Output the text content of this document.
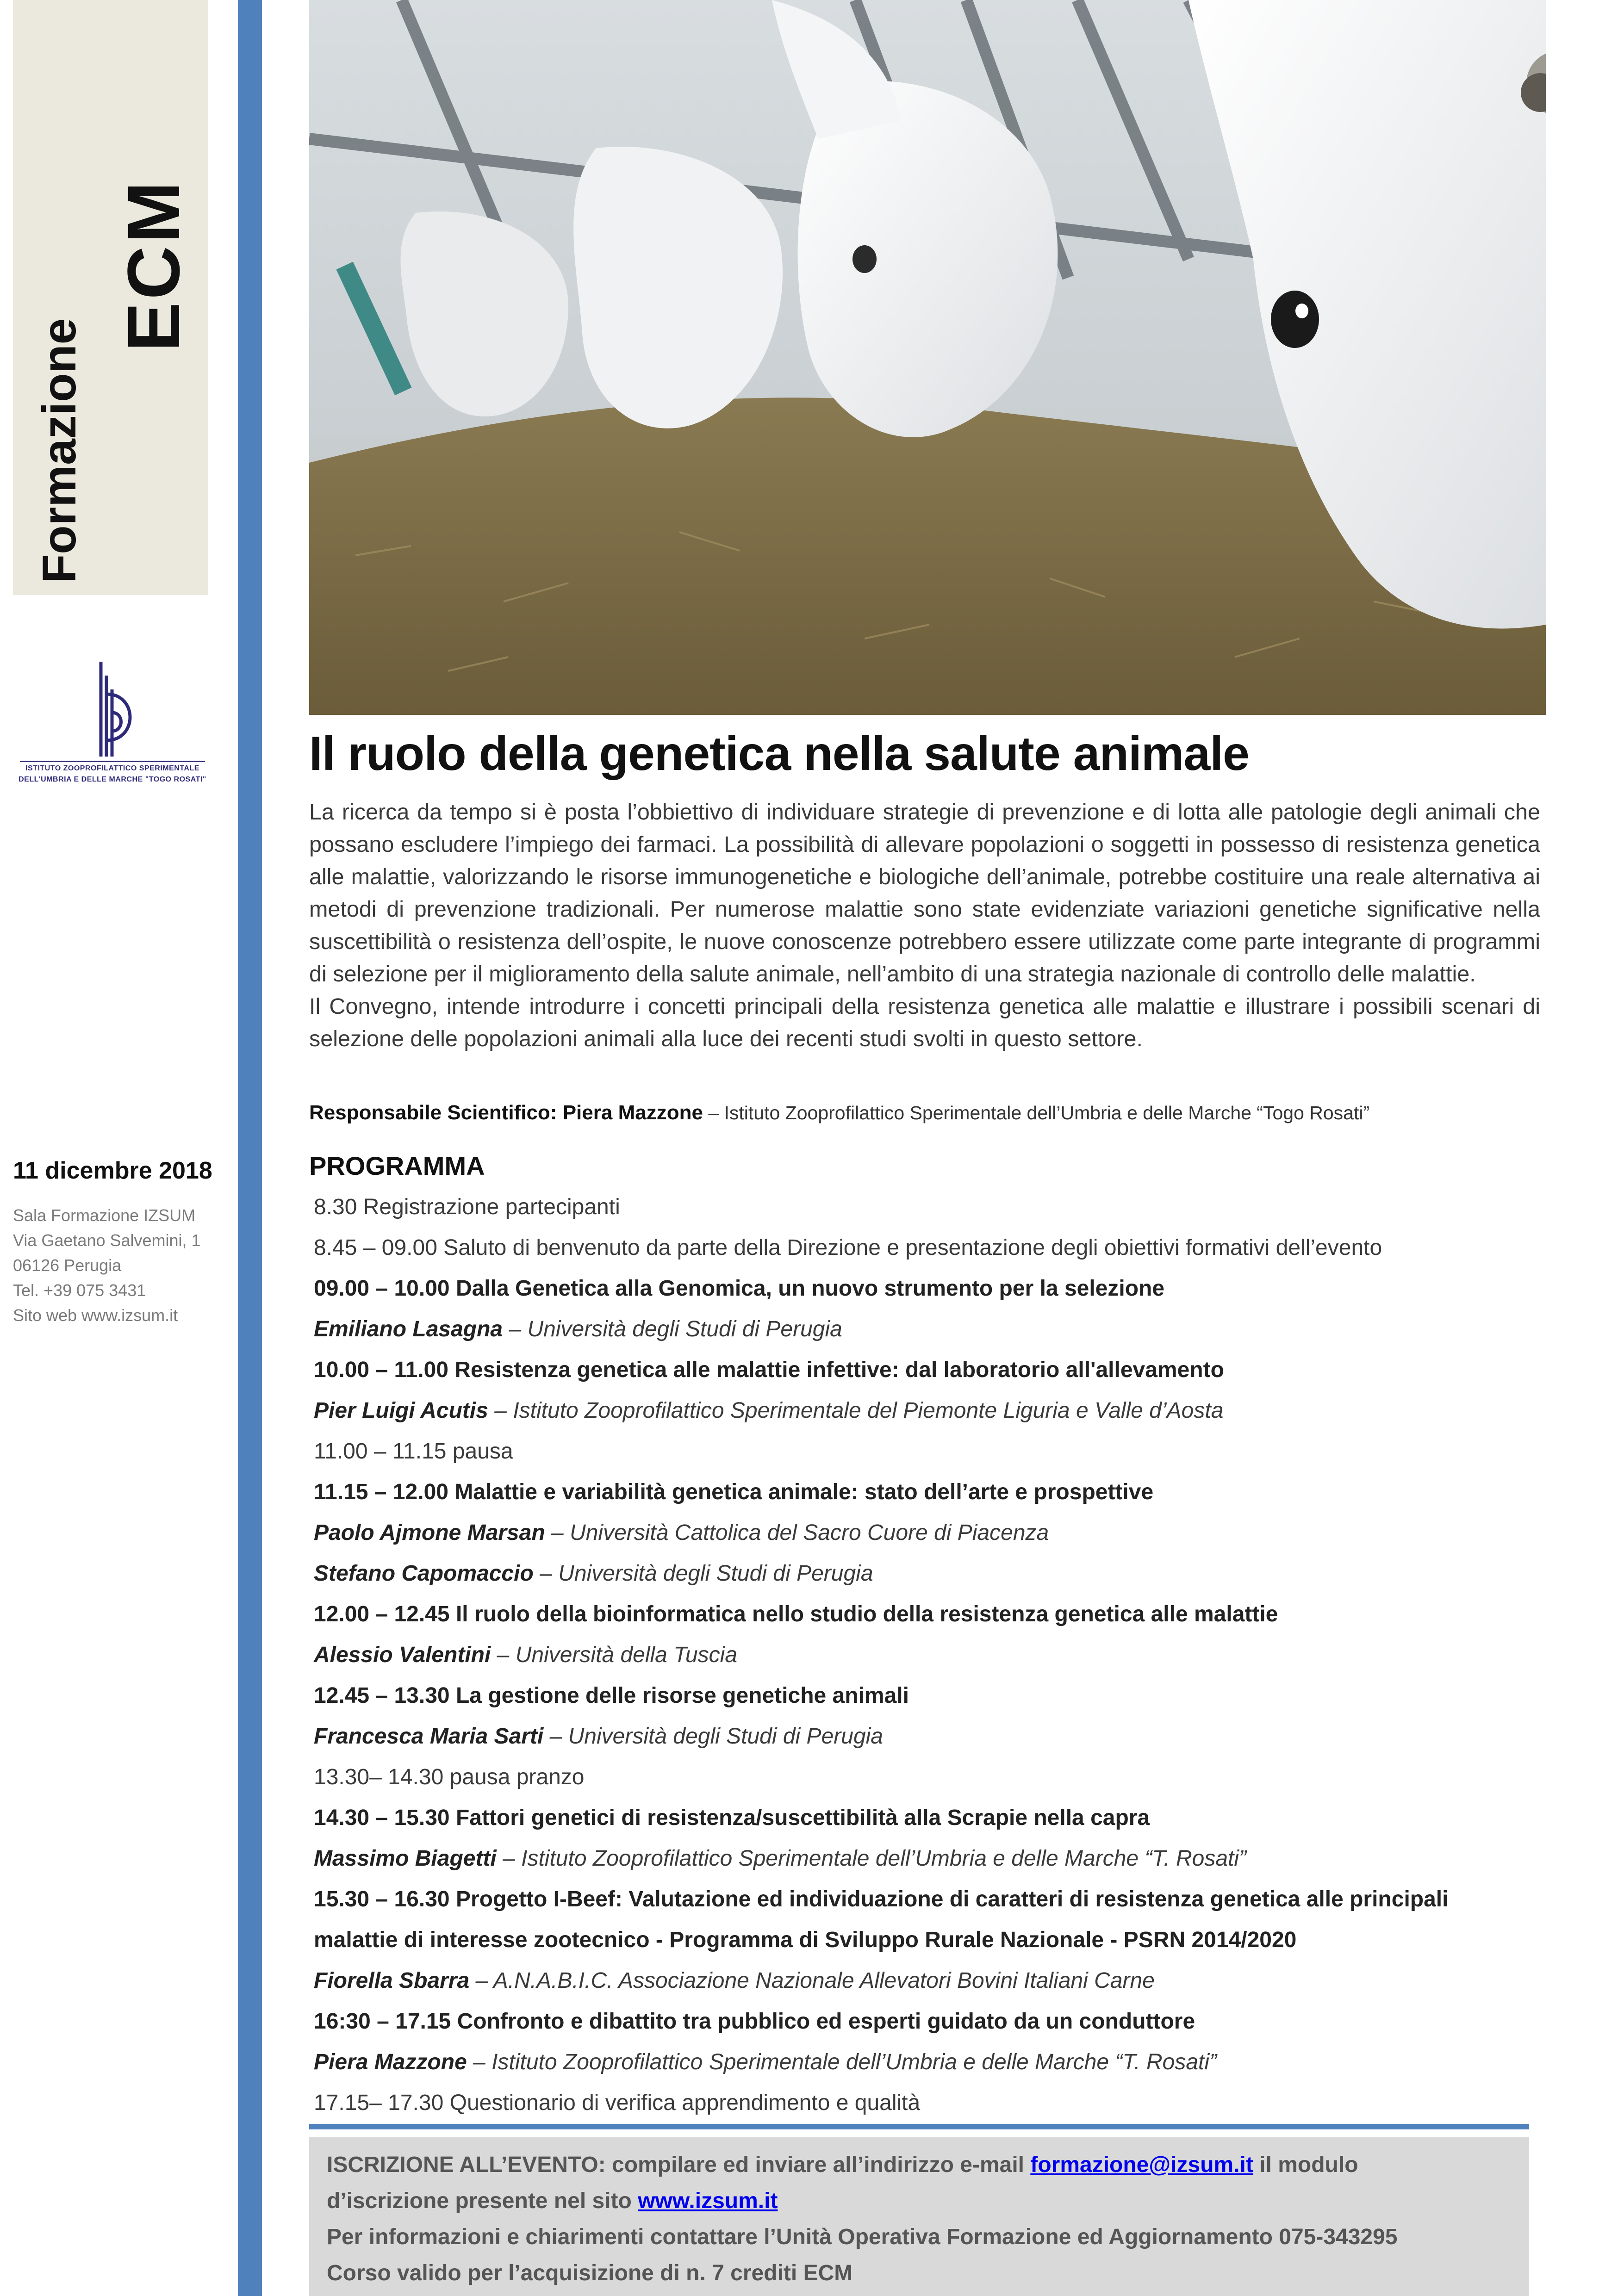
Formazione
ECM
ISTITUTO ZOOPROFILATTICO SPERIMENTALE
DELL'UMBRIA E DELLE MARCHE "TOGO ROSATI"
11 dicembre 2018
Sala Formazione IZSUM
Via Gaetano Salvemini, 1
06126 Perugia
Tel. +39 075 3431
Sito web www.izsum.it
Il ruolo della genetica nella salute animale

La ricerca da tempo si è posta l’obbiettivo di individuare strategie di prevenzione e di lotta alle patologie degli animali che possano escludere l’impiego dei farmaci. La possibilità di allevare popolazioni o soggetti in possesso di resistenza genetica alle malattie, valorizzando le risorse immunogenetiche e biologiche dell’animale, potrebbe costituire una reale alternativa ai metodi di prevenzione tradizionali. Per numerose malattie sono state evidenziate variazioni genetiche significative nella suscettibilità o resistenza dell’ospite, le nuove conoscenze potrebbero essere utilizzate come parte integrante di programmi di selezione per il miglioramento della salute animale, nell’ambito di una strategia nazionale di controllo delle malattie.

Il Convegno, intende introdurre i concetti principali della resistenza genetica alle malattie e illustrare i possibili scenari di selezione delle popolazioni animali alla luce dei recenti studi svolti in questo settore.

Responsabile Scientifico: Piera Mazzone – Istituto Zooprofilattico Sperimentale dell’Umbria e delle Marche “Togo Rosati”
PROGRAMMA
8.30 Registrazione partecipanti
8.45 – 09.00 Saluto di benvenuto da parte della Direzione e presentazione degli obiettivi formativi dell’evento
09.00 – 10.00 Dalla Genetica alla Genomica, un nuovo strumento per la selezione
Emiliano Lasagna – Università degli Studi di Perugia
10.00 – 11.00 Resistenza genetica alle malattie infettive: dal laboratorio all'allevamento
Pier Luigi Acutis – Istituto Zooprofilattico Sperimentale del Piemonte Liguria e Valle d’Aosta
11.00 – 11.15 pausa
11.15 – 12.00 Malattie e variabilità genetica animale: stato dell’arte e prospettive
Paolo Ajmone Marsan – Università Cattolica del Sacro Cuore di Piacenza
Stefano Capomaccio – Università degli Studi di Perugia
12.00 – 12.45 Il ruolo della bioinformatica nello studio della resistenza genetica alle malattie
Alessio Valentini – Università della Tuscia
12.45 – 13.30 La gestione delle risorse genetiche animali
Francesca Maria Sarti – Università degli Studi di Perugia
13.30– 14.30 pausa pranzo
14.30 – 15.30 Fattori genetici di resistenza/suscettibilità alla Scrapie nella capra
Massimo Biagetti – Istituto Zooprofilattico Sperimentale dell’Umbria e delle Marche “T. Rosati”
15.30 – 16.30 Progetto I-Beef: Valutazione ed individuazione di caratteri di resistenza genetica alle principali
malattie di interesse zootecnico - Programma di Sviluppo Rurale Nazionale - PSRN 2014/2020
Fiorella Sbarra – A.N.A.B.I.C. Associazione Nazionale Allevatori Bovini Italiani Carne
16:30 – 17.15 Confronto e dibattito tra pubblico ed esperti guidato da un conduttore
Piera Mazzone – Istituto Zooprofilattico Sperimentale dell’Umbria e delle Marche “T. Rosati”
17.15– 17.30 Questionario di verifica apprendimento e qualità
ISCRIZIONE ALL’EVENTO: compilare ed inviare all’indirizzo e-mail formazione@izsum.it il modulo
d’iscrizione presente nel sito www.izsum.it
Per informazioni e chiarimenti contattare l’Unità Operativa Formazione ed Aggiornamento 075-343295
Corso valido per l’acquisizione di n. 7 crediti ECM
